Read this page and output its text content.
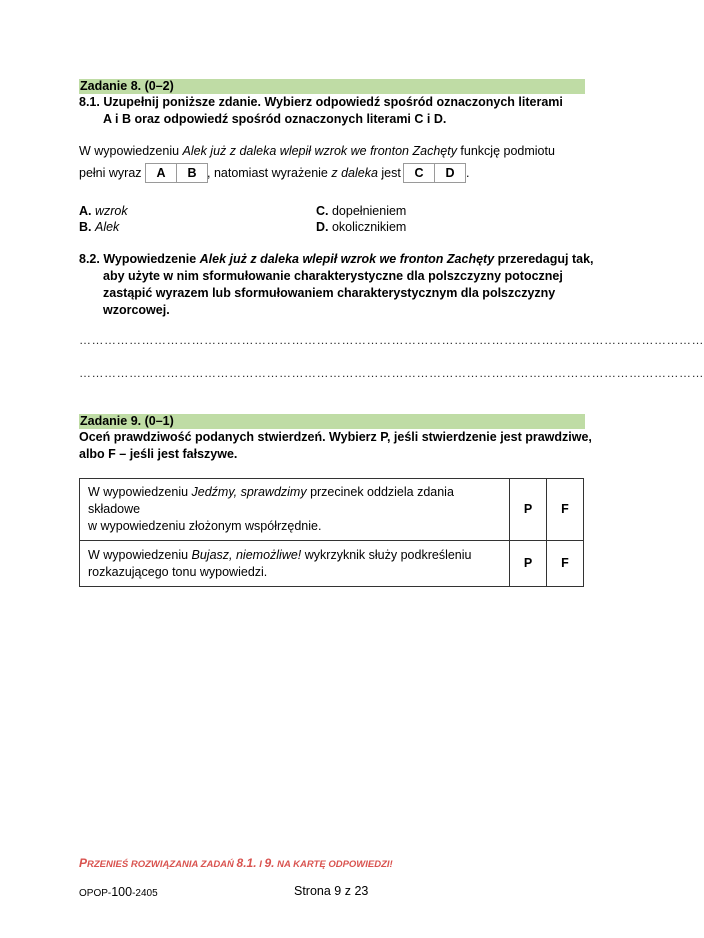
Zadanie 8. (0–2)
8.1. Uzupełnij poniższe zdanie. Wybierz odpowiedź spośród oznaczonych literami
A i B oraz odpowiedź spośród oznaczonych literami C i D.
W wypowiedzeniu Alek już z daleka wlepił wzrok we fronton Zachęty funkcję podmiotu
pełni wyraz	A	B , natomiast wyrażenie z daleka jest	C	D .
A. wzrok
B. Alek
C. dopełnieniem
D. okolicznikiem
8.2. Wypowiedzenie Alek już z daleka wlepił wzrok we fronton Zachęty przeredaguj tak,
aby użyte w nim sformułowanie charakterystyczne dla polszczyzny potocznej
zastąpić wyrazem lub sformułowaniem charakterystycznym dla polszczyzny
wzorcowej.
……………………………………………………………………………………………………………………………………
……………………………………………………………………………………………………………………………………
Zadanie 9. (0–1)
Oceń prawdziwość podanych stwierdzeń. Wybierz P, jeśli stwierdzenie jest prawdziwe,
albo F – jeśli jest fałszywe.
W wypowiedzeniu Jedźmy, sprawdzimy przecinek oddziela zdania składowe
w wypowiedzeniu złożonym współrzędnie.	P	F
W wypowiedzeniu Bujasz, niemożliwe! wykrzyknik służy podkreśleniu
rozkazującego tonu wypowiedzi.	P	F
PRZENIEŚ ROZWIĄZANIA ZADAŃ 8.1. I 9. NA KARTĘ ODPOWIEDZI!
OPOP-100-2405	Strona 9 z 23
